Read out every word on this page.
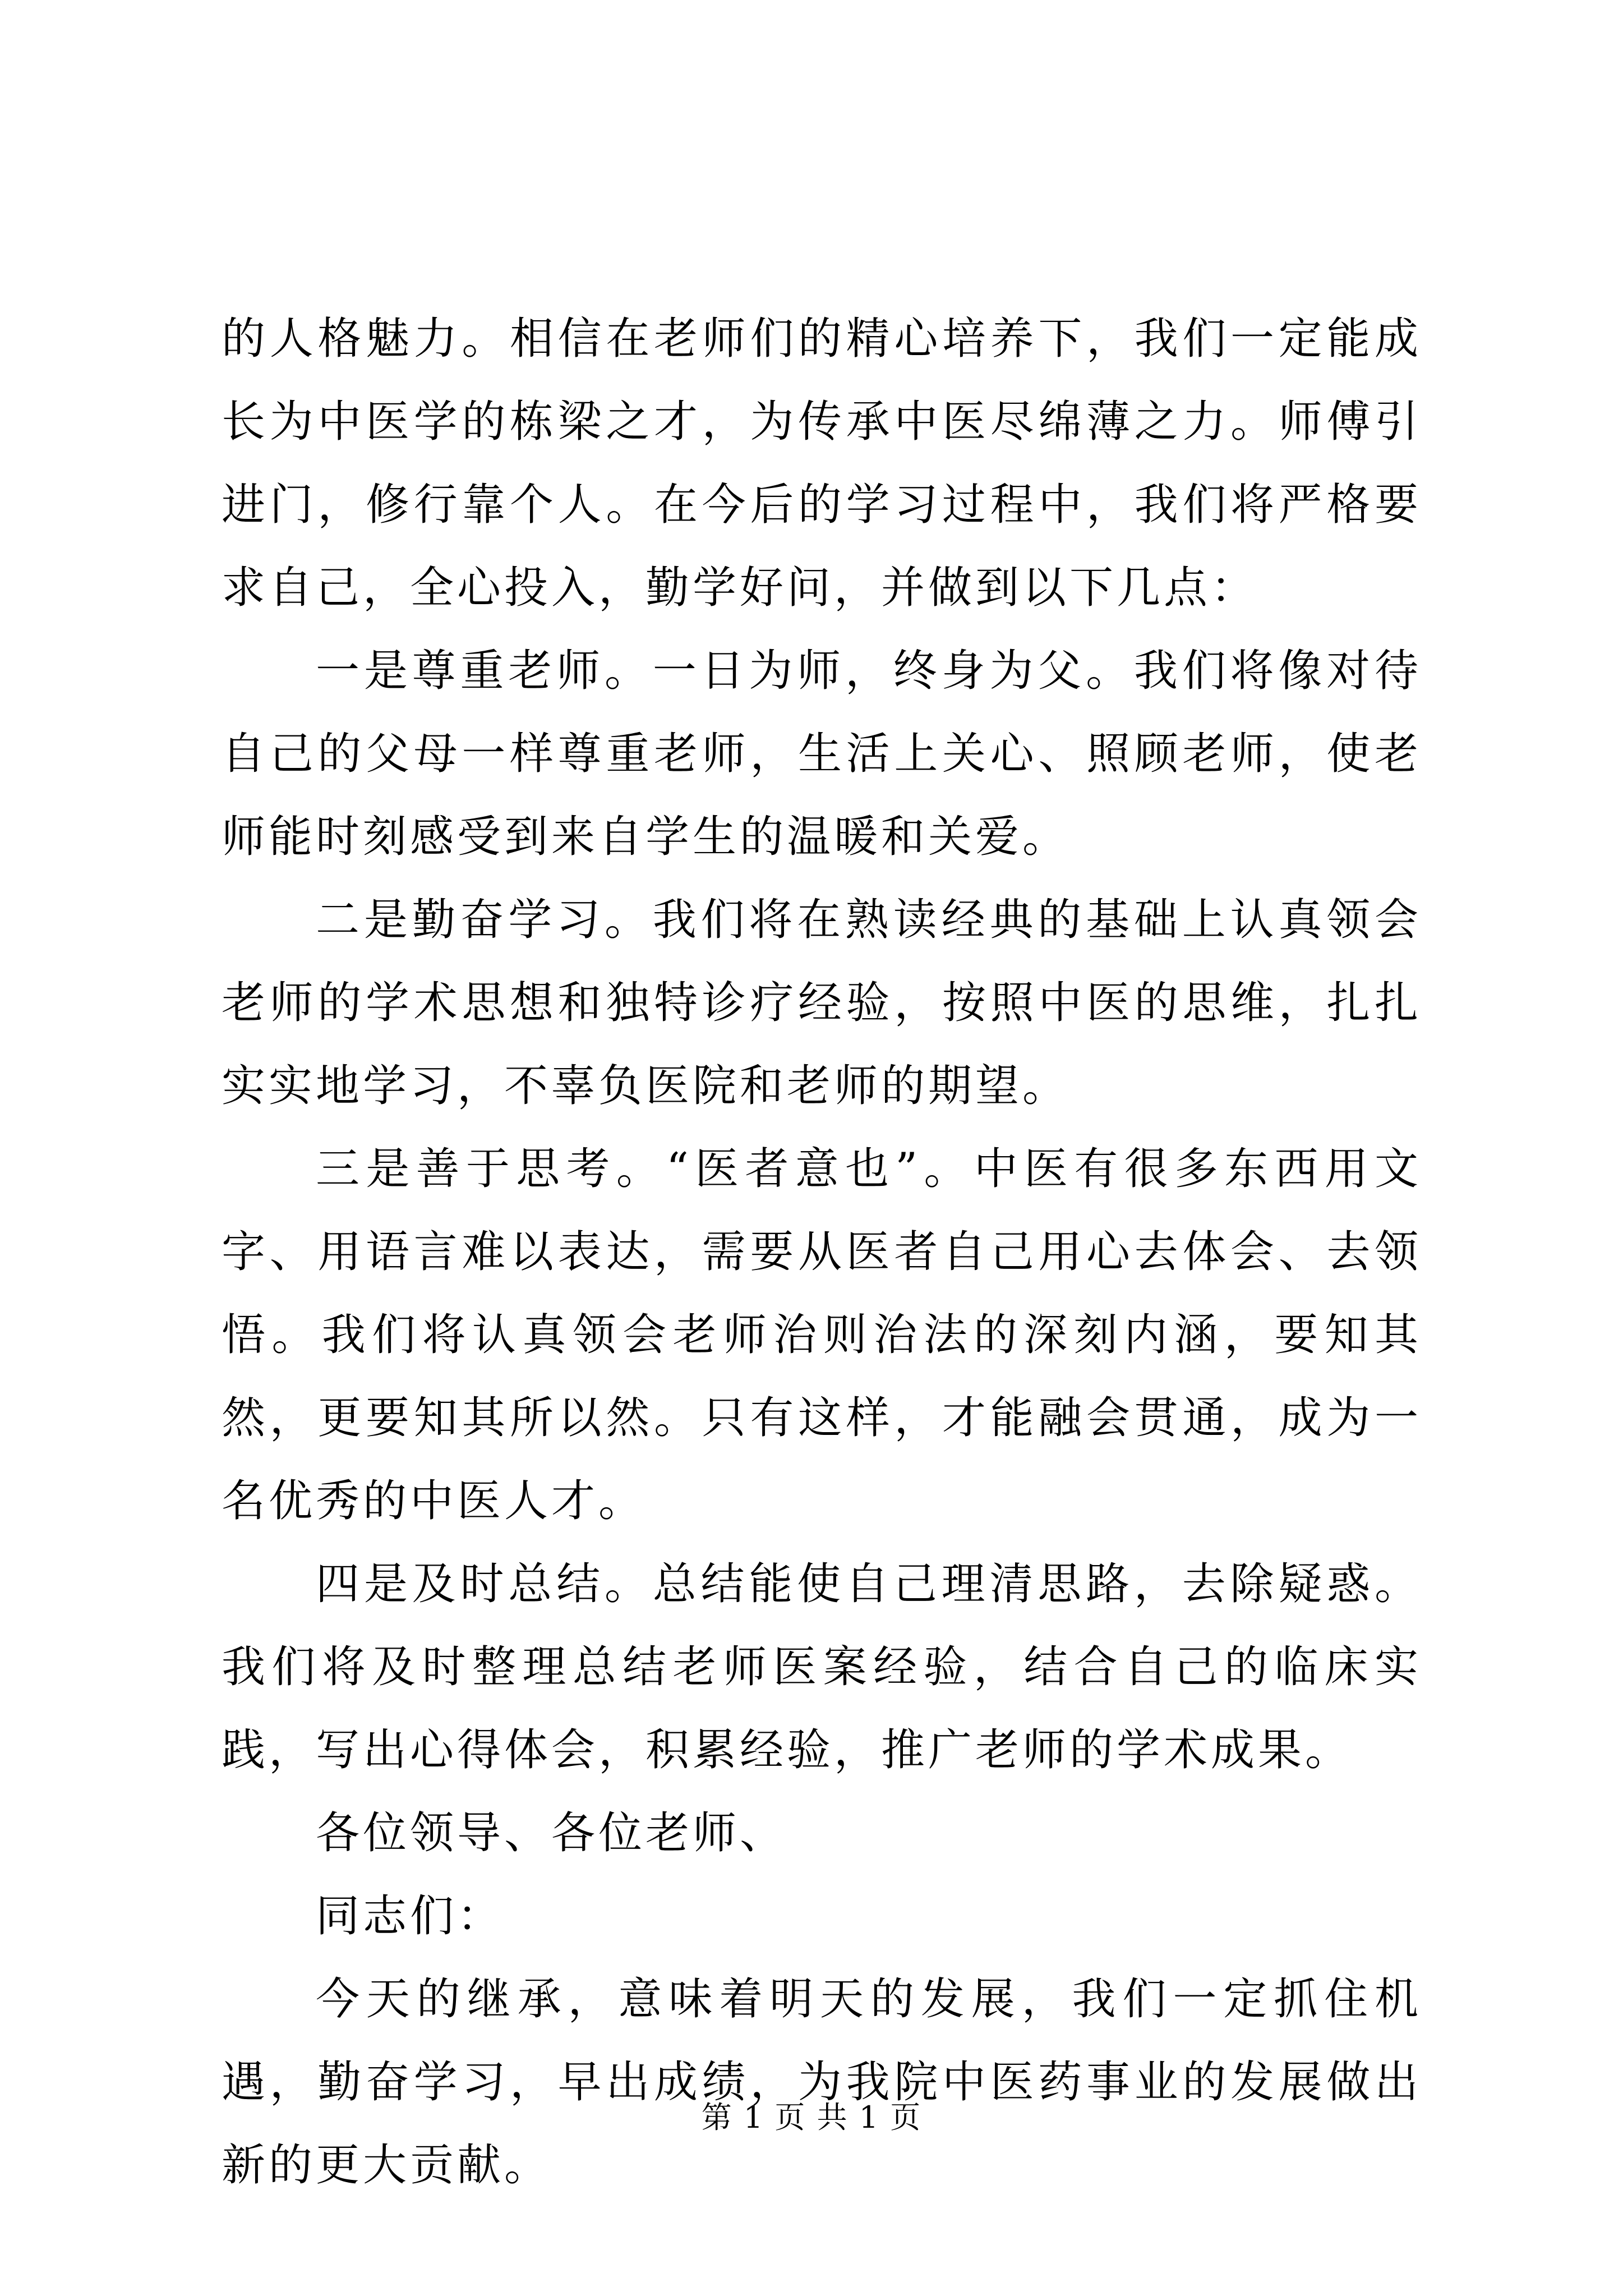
的人格魅力。相信在老师们的精心培养下，我们一定能成长为中医学的栋梁之才，为传承中医尽绵薄之力。师傅引进门，修行靠个人。在今后的学习过程中，我们将严格要求自己，全心投入，勤学好问，并做到以下几点：

一是尊重老师。一日为师，终身为父。我们将像对待自己的父母一样尊重老师，生活上关心、照顾老师，使老师能时刻感受到来自学生的温暖和关爱。

二是勤奋学习。我们将在熟读经典的基础上认真领会老师的学术思想和独特诊疗经验，按照中医的思维，扎扎实实地学习，不辜负医院和老师的期望。

三是善于思考。“医者意也”。中医有很多东西用文字、用语言难以表达，需要从医者自己用心去体会、去领悟。我们将认真领会老师治则治法的深刻内涵，要知其然，更要知其所以然。只有这样，才能融会贯通，成为一名优秀的中医人才。

四是及时总结。总结能使自己理清思路，去除疑惑。我们将及时整理总结老师医案经验，结合自己的临床实践，写出心得体会，积累经验，推广老师的学术成果。

各位领导、各位老师、

同志们：

今天的继承，意味着明天的发展，我们一定抓住机遇，勤奋学习，早出成绩，为我院中医药事业的发展做出新的更大贡献。

第 1 页 共 1 页
